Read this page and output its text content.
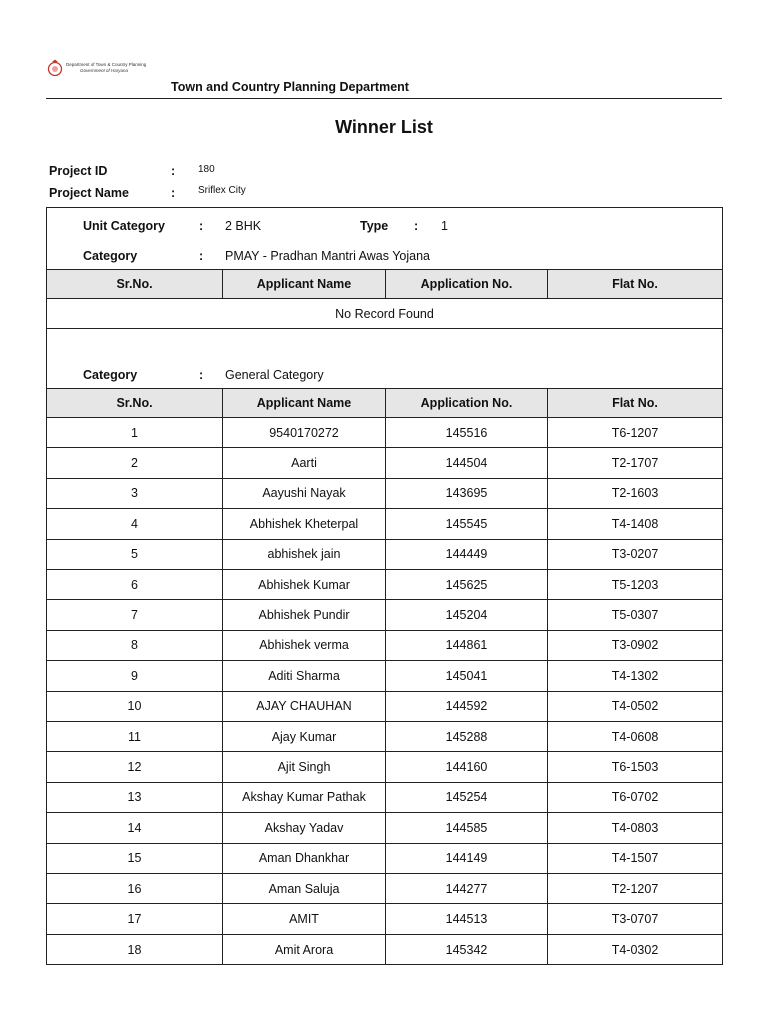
Department of Town & Country Planning
Government of Haryana
Town and Country Planning Department
Winner List
Project ID	: 180
Project Name	: Sriflex City
Unit Category	: 2 BHK	Type : 1
Category	: PMAY - Pradhan Mantri Awas Yojana
Sr.No.	Applicant Name	Application No.	Flat No.
No Record Found
Category	: General Category
Sr.No.	Applicant Name	Application No.	Flat No.
1	9540170272	145516	T6-1207
2	Aarti	144504	T2-1707
3	Aayushi Nayak	143695	T2-1603
4	Abhishek Kheterpal	145545	T4-1408
5	abhishek jain	144449	T3-0207
6	Abhishek Kumar	145625	T5-1203
7	Abhishek Pundir	145204	T5-0307
8	Abhishek verma	144861	T3-0902
9	Aditi Sharma	145041	T4-1302
10	AJAY CHAUHAN	144592	T4-0502
11	Ajay Kumar	145288	T4-0608
12	Ajit Singh	144160	T6-1503
13	Akshay Kumar Pathak	145254	T6-0702
14	Akshay Yadav	144585	T4-0803
15	Aman Dhankhar	144149	T4-1507
16	Aman Saluja	144277	T2-1207
17	AMIT	144513	T3-0707
18	Amit Arora	145342	T4-0302
